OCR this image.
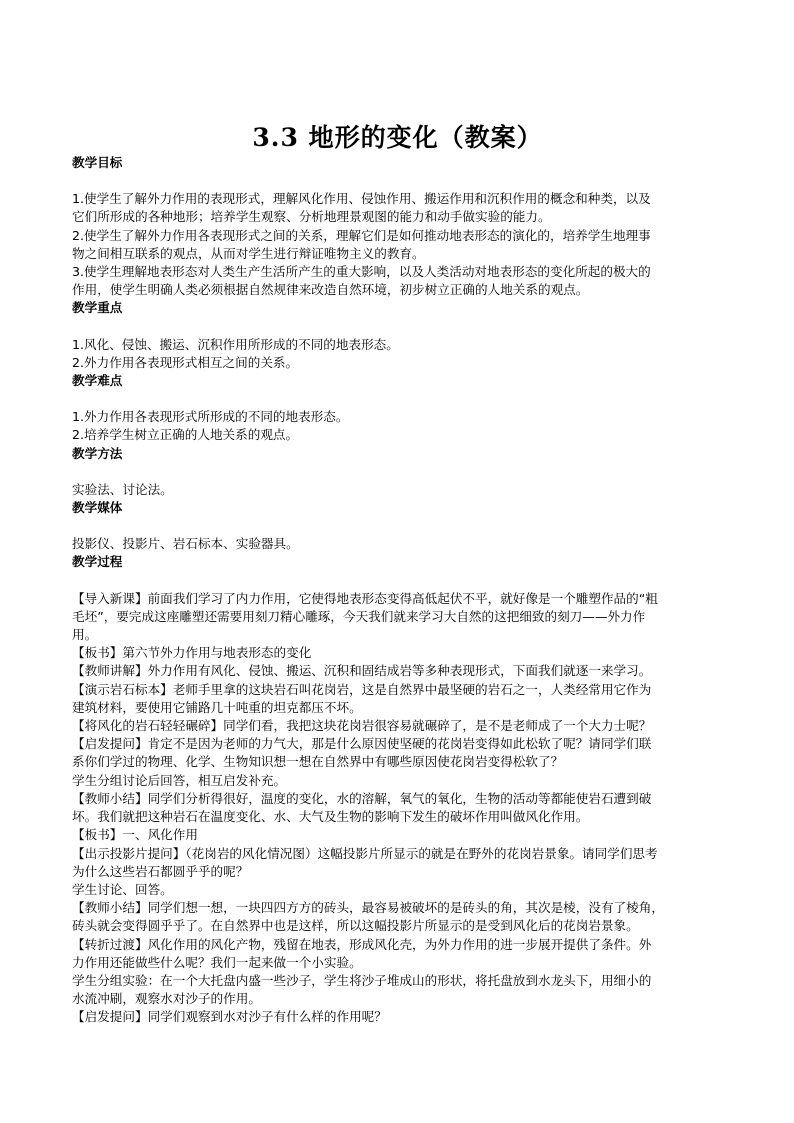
3.3 地形的变化（教案）

教学目标

1.使学生了解外力作用的表现形式，理解风化作用、侵蚀作用、搬运作用和沉积作用的概念和种类，以及

它们所形成的各种地形；培养学生观察、分析地理景观图的能力和动手做实验的能力。

2.使学生了解外力作用各表现形式之间的关系，理解它们是如何推动地表形态的演化的，培养学生地理事

物之间相互联系的观点，从而对学生进行辩证唯物主义的教育。

3.使学生理解地表形态对人类生产生活所产生的重大影响，以及人类活动对地表形态的变化所起的极大的

作用，使学生明确人类必须根据自然规律来改造自然环境，初步树立正确的人地关系的观点。

教学重点

1.风化、侵蚀、搬运、沉积作用所形成的不同的地表形态。

2.外力作用各表现形式相互之间的关系。

教学难点

1.外力作用各表现形式所形成的不同的地表形态。

2.培养学生树立正确的人地关系的观点。

教学方法

实验法、讨论法。

教学媒体

投影仪、投影片、岩石标本、实验器具。

教学过程

【导入新课】前面我们学习了内力作用，它使得地表形态变得高低起伏不平，就好像是一个雕塑作品的“粗

毛坯”，要完成这座雕塑还需要用刻刀精心雕琢，今天我们就来学习大自然的这把细致的刻刀——外力作

用。

【板书】第六节外力作用与地表形态的变化

【教师讲解】外力作用有风化、侵蚀、搬运、沉积和固结成岩等多种表现形式，下面我们就逐一来学习。

【演示岩石标本】老师手里拿的这块岩石叫花岗岩，这是自然界中最坚硬的岩石之一，人类经常用它作为

建筑材料，要使用它铺路几十吨重的坦克都压不坏。

【将风化的岩石轻轻碾碎】同学们看，我把这块花岗岩很容易就碾碎了，是不是老师成了一个大力士呢？

【启发提问】肯定不是因为老师的力气大，那是什么原因使坚硬的花岗岩变得如此松软了呢？请同学们联

系你们学过的物理、化学、生物知识想一想在自然界中有哪些原因使花岗岩变得松软了？

学生分组讨论后回答，相互启发补充。

【教师小结】同学们分析得很好，温度的变化，水的溶解，氧气的氧化，生物的活动等都能使岩石遭到破

坏。我们就把这种岩石在温度变化、水、大气及生物的影响下发生的破坏作用叫做风化作用。

【板书】一、风化作用

【出示投影片提问】（花岗岩的风化情况图）这幅投影片所显示的就是在野外的花岗岩景象。请同学们思考

为什么这些岩石都圆乎乎的呢？

学生讨论、回答。

【教师小结】同学们想一想，一块四四方方的砖头，最容易被破坏的是砖头的角，其次是棱，没有了棱角，

砖头就会变得圆乎乎了。在自然界中也是这样，所以这幅投影片所显示的是受到风化后的花岗岩景象。

【转折过渡】风化作用的风化产物，残留在地表，形成风化壳，为外力作用的进一步展开提供了条件。外

力作用还能做些什么呢？我们一起来做一个小实验。

学生分组实验：在一个大托盘内盛一些沙子，学生将沙子堆成山的形状，将托盘放到水龙头下，用细小的

水流冲刷，观察水对沙子的作用。

【启发提问】同学们观察到水对沙子有什么样的作用呢？
